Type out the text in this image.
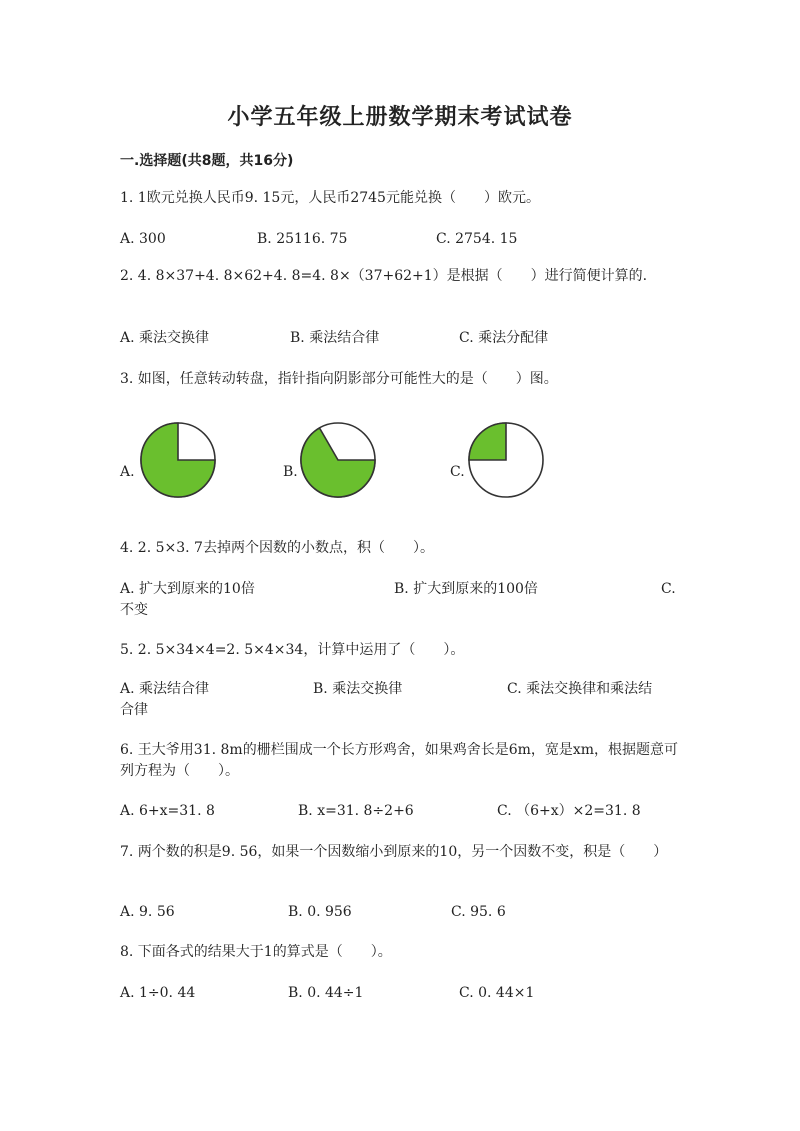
小学五年级上册数学期末考试试卷
一.选择题(共8题，共16分)
1. 1欧元兑换人民币9. 15元，人民币2745元能兑换（　　）欧元。
A. 300	B. 25116. 75	C. 2754. 15
2. 4. 8×37+4. 8×62+4. 8=4. 8×（37+62+1）是根据（　　）进行简便计算的.
A. 乘法交换律	B. 乘法结合律	C. 乘法分配律
3. 如图，任意转动转盘，指针指向阴影部分可能性大的是（　　）图。
A.	B.	C.
4. 2. 5×3. 7去掉两个因数的小数点，积（　　）。
A. 扩大到原来的10倍	B. 扩大到原来的100倍	C.
不变
5. 2. 5×34×4=2. 5×4×34，计算中运用了（　　）。
A. 乘法结合律	B. 乘法交换律	C. 乘法交换律和乘法结
合律
6. 王大爷用31. 8m的栅栏围成一个长方形鸡舍，如果鸡舍长是6m，宽是xm，根据题意可列方程为（　　）。
A. 6+x=31. 8	B. x=31. 8÷2+6	C. （6+x）×2=31. 8
7. 两个数的积是9. 56，如果一个因数缩小到原来的10，另一个因数不变，积是（　　）
A. 9. 56	B. 0. 956	C. 95. 6
8. 下面各式的结果大于1的算式是（　　）。
A. 1÷0. 44	B. 0. 44÷1	C. 0. 44×1
